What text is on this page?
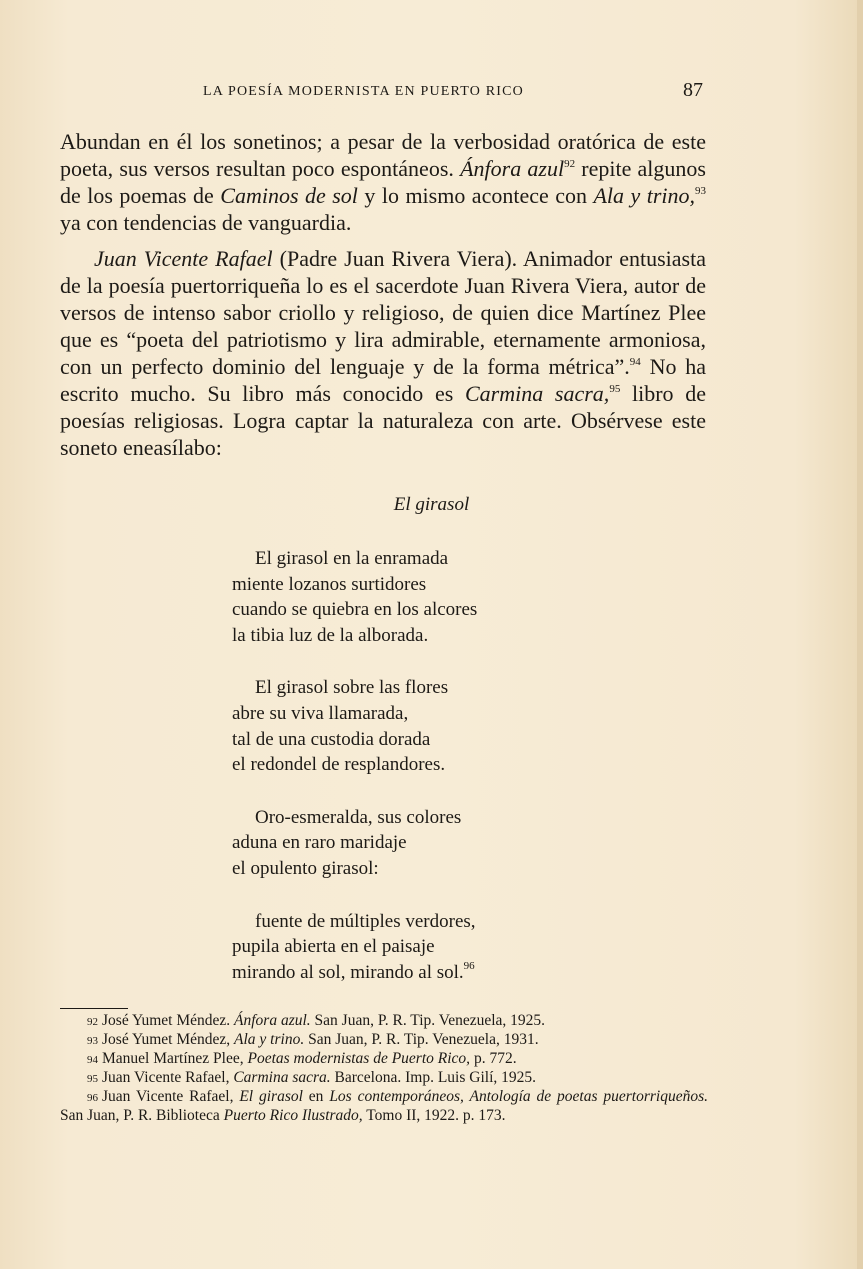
LA POESÍA MODERNISTA EN PUERTO RICO	87

Abundan en él los sonetinos; a pesar de la verbosidad oratórica de este poeta, sus versos resultan poco espontáneos. Ánfora azul$^{92}$ repite algunos de los poemas de Caminos de sol y lo mismo acontece con Ala y trino,$^{93}$ ya con tendencias de vanguardia.

Juan Vicente Rafael (Padre Juan Rivera Viera). Animador entusiasta de la poesía puertorriqueña lo es el sacerdote Juan Rivera Viera, autor de versos de intenso sabor criollo y religioso, de quien dice Martínez Plee que es “poeta del patriotismo y lira admirable, eternamente armoniosa, con un perfecto dominio del lenguaje y de la forma métrica”.$^{94}$ No ha escrito mucho. Su libro más conocido es Carmina sacra,$^{95}$ libro de poesías religiosas. Logra captar la naturaleza con arte. Obsérvese este soneto eneasílabo:

El girasol
El girasol en la enramada
miente lozanos surtidores
cuando se quiebra en los alcores
la tibia luz de la alborada.
El girasol sobre las flores
abre su viva llamarada,
tal de una custodia dorada
el redondel de resplandores.
Oro-esmeralda, sus colores
aduna en raro maridaje
el opulento girasol:
fuente de múltiples verdores,
pupila abierta en el paisaje
mirando al sol, mirando al sol.$^{96}$
92 José Yumet Méndez. Ánfora azul. San Juan, P. R. Tip. Venezuela, 1925.
93 José Yumet Méndez, Ala y trino. San Juan, P. R. Tip. Venezuela, 1931.
94 Manuel Martínez Plee, Poetas modernistas de Puerto Rico, p. 772.
95 Juan Vicente Rafael, Carmina sacra. Barcelona. Imp. Luis Gilí, 1925.
96 Juan Vicente Rafael, El girasol en Los contemporáneos, Antología de poetas puertorriqueños. San Juan, P. R. Biblioteca Puerto Rico Ilustrado, Tomo II, 1922. p. 173.
